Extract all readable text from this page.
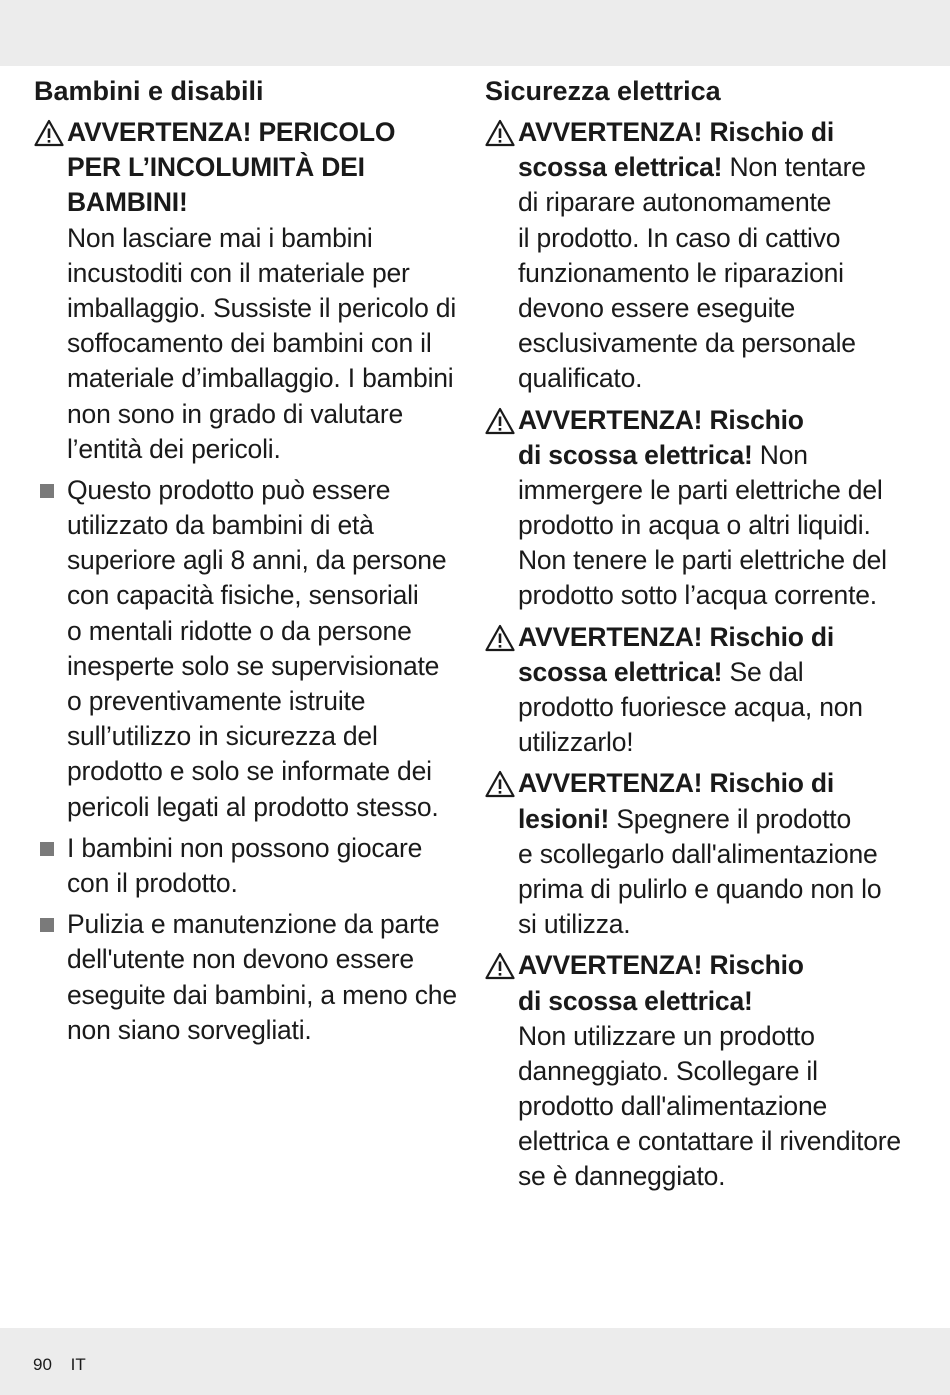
Bambini e disabili
AVVERTENZA! PERICOLO
PER L’INCOLUMITÀ DEI
BAMBINI!
Non lasciare mai i bambini
incustoditi con il materiale per
imballaggio. Sussiste il pericolo di
soffocamento dei bambini con il
materiale d’imballaggio. I bambini
non sono in grado di valutare
l’entità dei pericoli.
Questo prodotto può essere
utilizzato da bambini di età
superiore agli 8 anni, da persone
con capacità fisiche, sensoriali
o mentali ridotte o da persone
inesperte solo se supervisionate
o preventivamente istruite
sull’utilizzo in sicurezza del
prodotto e solo se informate dei
pericoli legati al prodotto stesso.
I bambini non possono giocare
con il prodotto.
Pulizia e manutenzione da parte
dell'utente non devono essere
eseguite dai bambini, a meno che
non siano sorvegliati.
Sicurezza elettrica
AVVERTENZA! Rischio di
scossa elettrica! Non tentare
di riparare autonomamente
il prodotto. In caso di cattivo
funzionamento le riparazioni
devono essere eseguite
esclusivamente da personale
qualificato.
AVVERTENZA! Rischio
di scossa elettrica! Non
immergere le parti elettriche del
prodotto in acqua o altri liquidi.
Non tenere le parti elettriche del
prodotto sotto l’acqua corrente.
AVVERTENZA! Rischio di
scossa elettrica! Se dal
prodotto fuoriesce acqua, non
utilizzarlo!
AVVERTENZA! Rischio di
lesioni! Spegnere il prodotto
e scollegarlo dall'alimentazione
prima di pulirlo e quando non lo
si utilizza.
AVVERTENZA! Rischio
di scossa elettrica!
Non utilizzare un prodotto
danneggiato. Scollegare il
prodotto dall'alimentazione
elettrica e contattare il rivenditore
se è danneggiato.
90 IT
